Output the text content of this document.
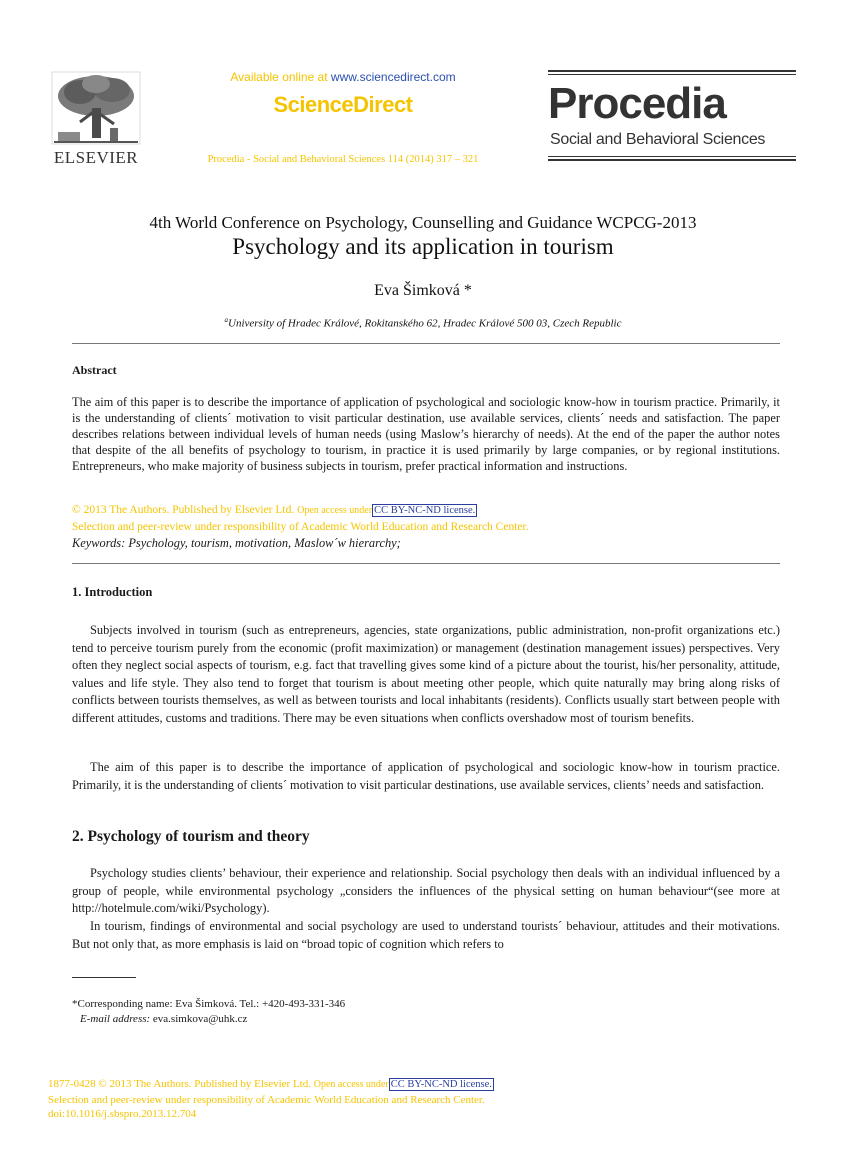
ELSEVIER
Available online at www.sciencedirect.com
ScienceDirect
Procedia - Social and Behavioral Sciences 114 (2014) 317 – 321
Procedia
Social and Behavioral Sciences
4th World Conference on Psychology, Counselling and Guidance WCPCG-2013
Psychology and its application in tourism
Eva Šimková *
$^a$University of Hradec Králové, Rokitanského 62, Hradec Králové 500 03, Czech Republic
Abstract
The aim of this paper is to describe the importance of application of psychological and sociologic know-how in tourism practice. Primarily, it is the understanding of clients´ motivation to visit particular destination, use available services, clients´ needs and satisfaction. The paper describes relations between individual levels of human needs (using Maslow’s hierarchy of needs). At the end of the paper the author notes that despite of the all benefits of psychology to tourism, in practice it is used primarily by large companies, or by regional institutions. Entrepreneurs, who make majority of business subjects in tourism, prefer practical information and instructions.
© 2013 The Authors. Published by Elsevier Ltd. Open access under CC BY-NC-ND license.
Selection and peer-review under responsibility of Academic World Education and Research Center.
Keywords: Psychology, tourism, motivation, Maslow´w hierarchy;
1. Introduction
Subjects involved in tourism (such as entrepreneurs, agencies, state organizations, public administration, non-profit organizations etc.) tend to perceive tourism purely from the economic (profit maximization) or management (destination management issues) perspectives. Very often they neglect social aspects of tourism, e.g. fact that travelling gives some kind of a picture about the tourist, his/her personality, attitude, values and life style. They also tend to forget that tourism is about meeting other people, which quite naturally may bring along risks of conflicts between tourists themselves, as well as between tourists and local inhabitants (residents). Conflicts usually start between people with different attitudes, customs and traditions. There may be even situations when conflicts overshadow most of tourism benefits.
The aim of this paper is to describe the importance of application of psychological and sociologic know-how in tourism practice. Primarily, it is the understanding of clients´ motivation to visit particular destinations, use available services, clients’ needs and satisfaction.
2. Psychology of tourism and theory
Psychology studies clients’ behaviour, their experience and relationship. Social psychology then deals with an individual influenced by a group of people, while environmental psychology „considers the influences of the physical setting on human behaviour“(see more at http://hotelmule.com/wiki/Psychology).
In tourism, findings of environmental and social psychology are used to understand tourists´ behaviour, attitudes and their motivations. But not only that, as more emphasis is laid on “broad topic of cognition which refers to
*Corresponding name: Eva Šimková. Tel.: +420-493-331-346
E-mail address: eva.simkova@uhk.cz
1877-0428 © 2013 The Authors. Published by Elsevier Ltd. Open access under CC BY-NC-ND license.
Selection and peer-review under responsibility of Academic World Education and Research Center.
doi:10.1016/j.sbspro.2013.12.704
